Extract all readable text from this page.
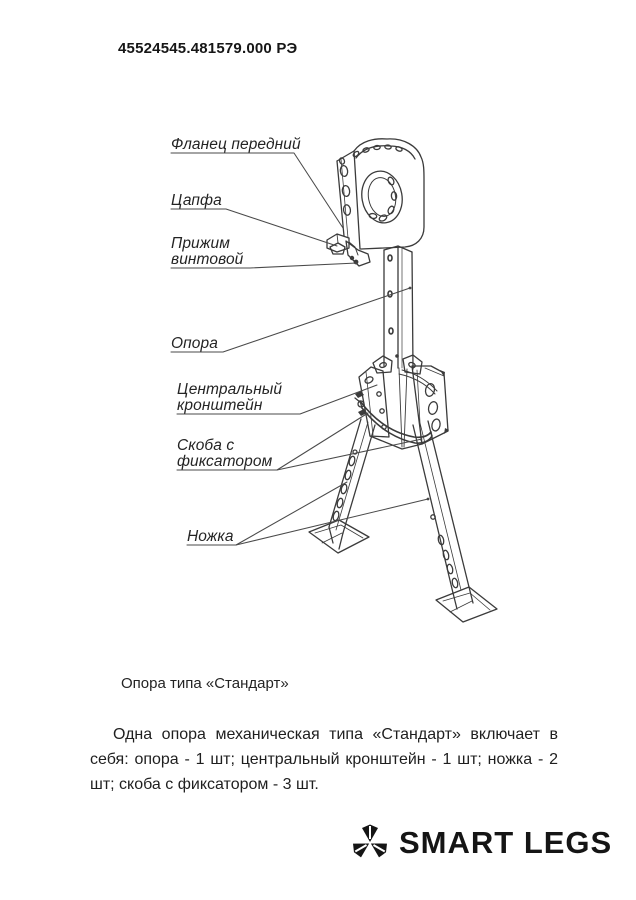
45524545.481579.000 РЭ
Фланец передний
Цапфа
Прижим винтовой
Опора
Центральный кронштейн
Скоба с фиксатором
Ножка
Опора типа «Стандарт»
Одна опора механическая типа «Стандарт» включает в себя: опора - 1 шт; центральный кронштейн - 1 шт; ножка - 2 шт; скоба с фиксатором - 3 шт.
SMART LEGS
